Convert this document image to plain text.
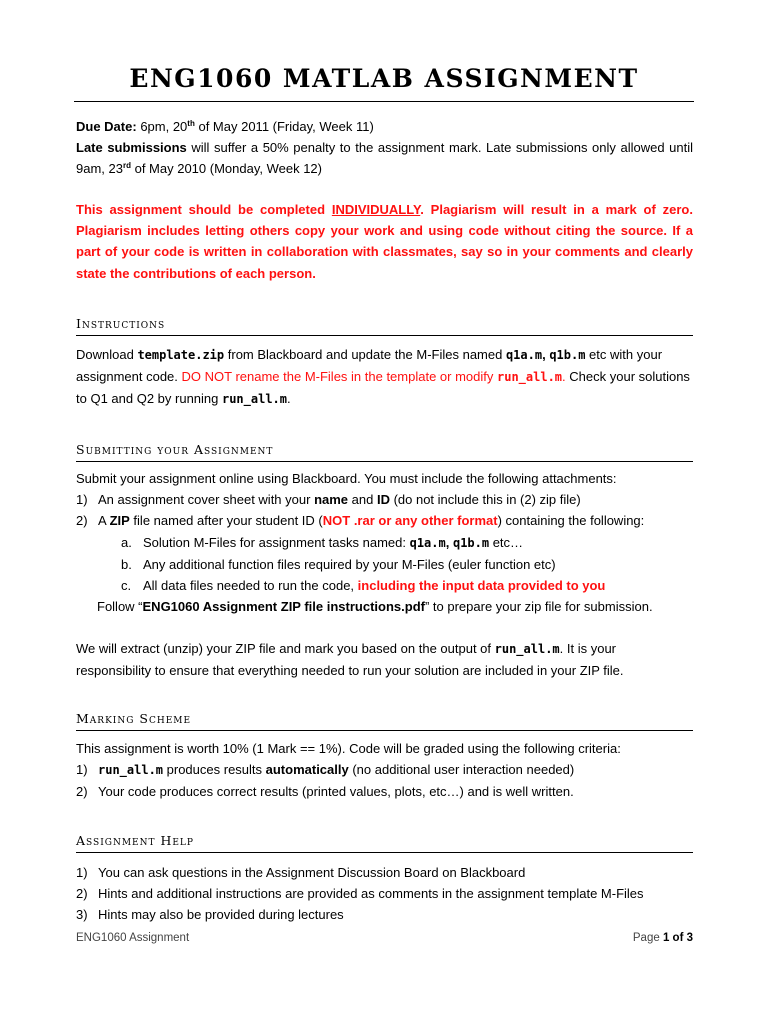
ENG1060 MATLAB ASSIGNMENT
Due Date: 6pm, 20th of May 2011 (Friday, Week 11)
Late submissions will suffer a 50% penalty to the assignment mark. Late submissions only allowed until 9am, 23rd of May 2010 (Monday, Week 12)
This assignment should be completed INDIVIDUALLY. Plagiarism will result in a mark of zero. Plagiarism includes letting others copy your work and using code without citing the source. If a part of your code is written in collaboration with classmates, say so in your comments and clearly state the contributions of each person.
Instructions
Download template.zip from Blackboard and update the M-Files named q1a.m, q1b.m etc with your assignment code. DO NOT rename the M-Files in the template or modify run_all.m. Check your solutions to Q1 and Q2 by running run_all.m.
Submitting your Assignment
Submit your assignment online using Blackboard. You must include the following attachments:
1) An assignment cover sheet with your name and ID (do not include this in (2) zip file)
2) A ZIP file named after your student ID (NOT .rar or any other format) containing the following:
a. Solution M-Files for assignment tasks named: q1a.m, q1b.m etc…
b. Any additional function files required by your M-Files (euler function etc)
c. All data files needed to run the code, including the input data provided to you
Follow “ENG1060 Assignment ZIP file instructions.pdf” to prepare your zip file for submission.
We will extract (unzip) your ZIP file and mark you based on the output of run_all.m. It is your responsibility to ensure that everything needed to run your solution are included in your ZIP file.
Marking Scheme
This assignment is worth 10% (1 Mark == 1%). Code will be graded using the following criteria:
1) run_all.m produces results automatically (no additional user interaction needed)
2) Your code produces correct results (printed values, plots, etc…) and is well written.
Assignment Help
1) You can ask questions in the Assignment Discussion Board on Blackboard
2) Hints and additional instructions are provided as comments in the assignment template M-Files
3) Hints may also be provided during lectures
ENG1060 Assignment	Page 1 of 3
